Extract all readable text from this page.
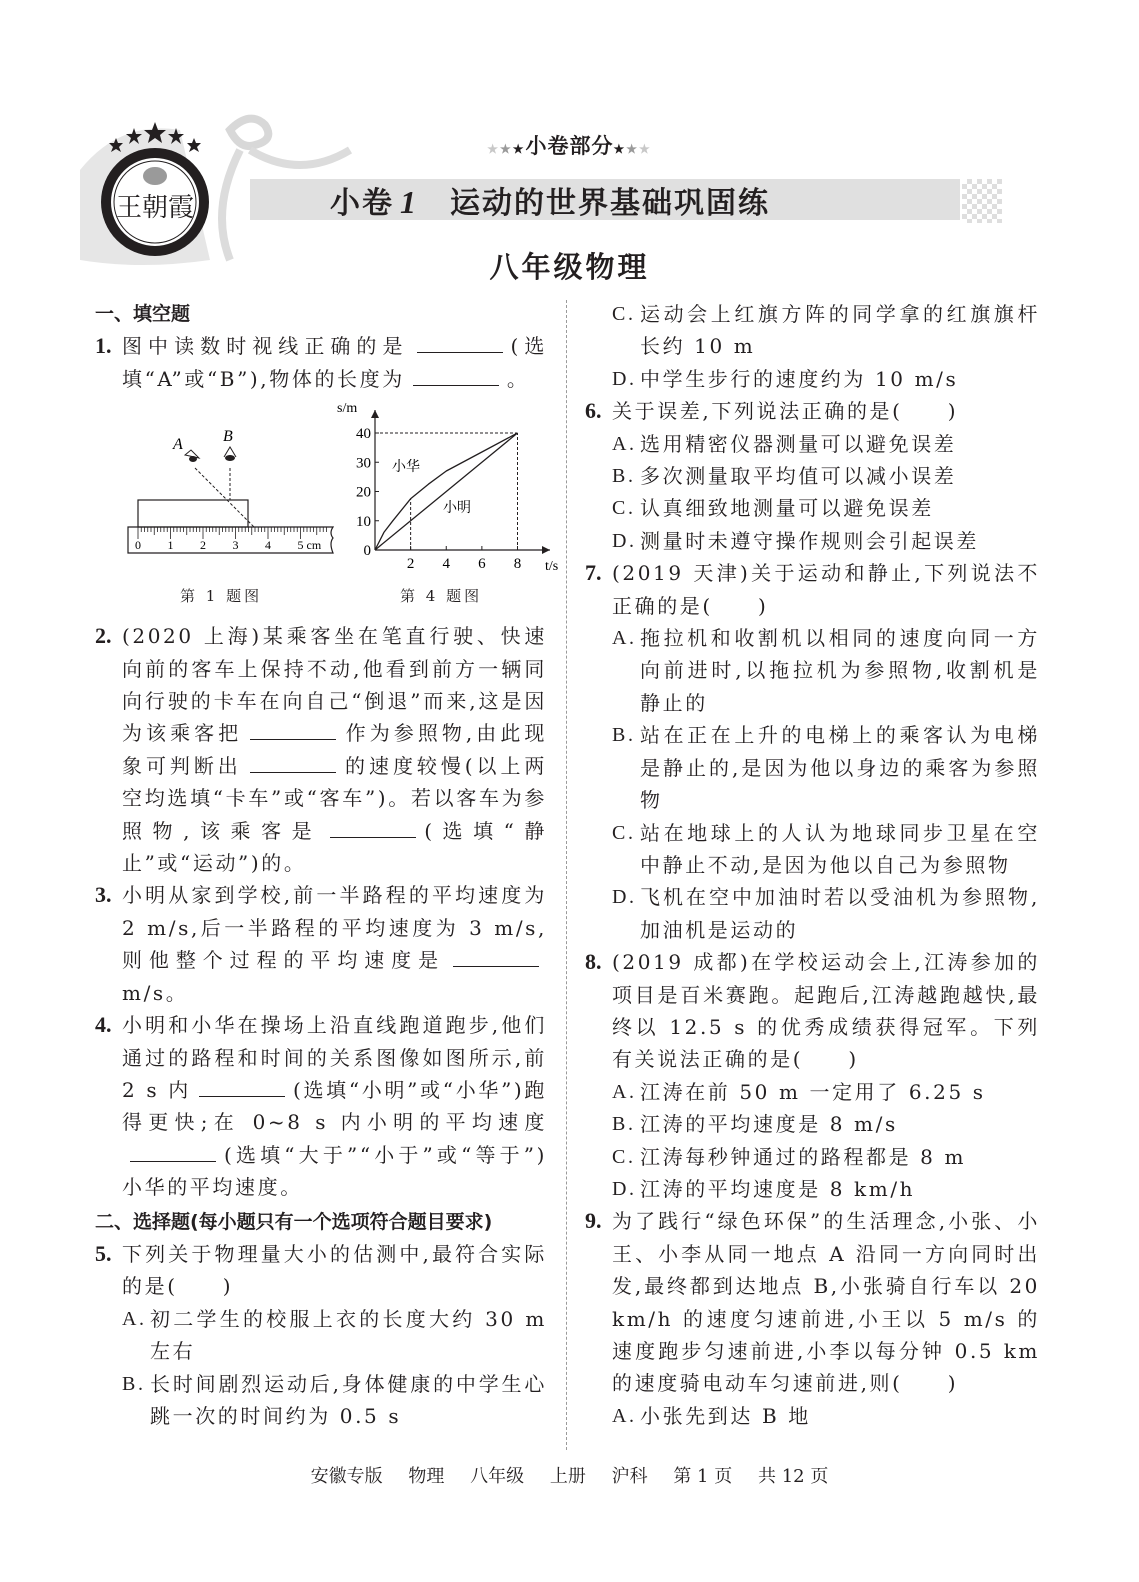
王朝霞
★★★小卷部分★★★
小卷 1 运动的世界基础巩固练
八年级物理
一、填空题
1. 图中读数时视线正确的是	(选填“A”或“B”),物体的长度为	。
0 1 2 3 4 5 cm
A	B
第 1 题图
0
10
20
30
40
2 4 6 8
s/m
t/s
小华
小明
第 4 题图
2. (2020 上海)某乘客坐在笔直行驶、快速向前的客车上保持不动,他看到前方一辆同向行驶的卡车在向自己“倒退”而来,这是因为该乘客把	作为参照物,由此现象可判断出	的速度较慢(以上两空均选填“卡车”或“客车”)。若以客车为参照物,该乘客是	(选填“静止”或“运动”)的。
3. 小明从家到学校,前一半路程的平均速度为 2 m/s,后一半路程的平均速度为 3 m/s,则他整个过程的平均速度是m/s。
4. 小明和小华在操场上沿直线跑道跑步,他们通过的路程和时间的关系图像如图所示,前 2 s 内	(选填“小明”或“小华”)跑得更快;在 0~8 s 内小明的平均速度(选填“大于”“小于”或“等于”)小华的平均速度。
二、选择题(每小题只有一个选项符合题目要求)
5. 下列关于物理量大小的估测中,最符合实际的是(　　)
A. 初二学生的校服上衣的长度大约 30 m 左右
B. 长时间剧烈运动后,身体健康的中学生心跳一次的时间约为 0.5 s
C. 运动会上红旗方阵的同学拿的红旗旗杆长约 10 m
D. 中学生步行的速度约为 10 m/s
6. 关于误差,下列说法正确的是(　　)
A. 选用精密仪器测量可以避免误差
B. 多次测量取平均值可以减小误差
C. 认真细致地测量可以避免误差
D. 测量时未遵守操作规则会引起误差
7. (2019 天津)关于运动和静止,下列说法不正确的是(　　)
A. 拖拉机和收割机以相同的速度向同一方向前进时,以拖拉机为参照物,收割机是静止的
B. 站在正在上升的电梯上的乘客认为电梯是静止的,是因为他以身边的乘客为参照物
C. 站在地球上的人认为地球同步卫星在空中静止不动,是因为他以自己为参照物
D. 飞机在空中加油时若以受油机为参照物,加油机是运动的
8. (2019 成都)在学校运动会上,江涛参加的项目是百米赛跑。起跑后,江涛越跑越快,最终以 12.5 s 的优秀成绩获得冠军。下列有关说法正确的是(　　)
A. 江涛在前 50 m 一定用了 6.25 s
B. 江涛的平均速度是 8 m/s
C. 江涛每秒钟通过的路程都是 8 m
D. 江涛的平均速度是 8 km/h
9. 为了践行“绿色环保”的生活理念,小张、小王、小李从同一地点 A 沿同一方向同时出发,最终都到达地点 B,小张骑自行车以 20 km/h 的速度匀速前进,小王以 5 m/s 的速度跑步匀速前进,小李以每分钟 0.5 km 的速度骑电动车匀速前进,则(　　)
A. 小张先到达 B 地
安徽专版 物理 八年级 上册 沪科 第 1 页 共 12 页
